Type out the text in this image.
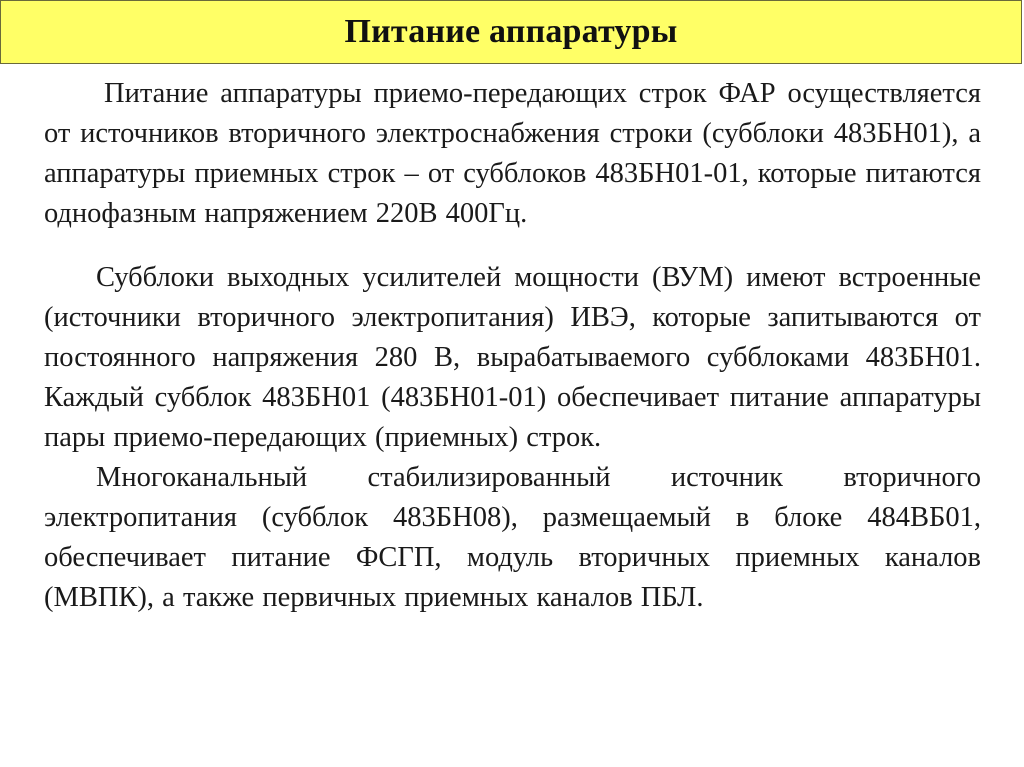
Питание аппаратуры

Питание аппаратуры приемо-передающих строк ФАР осуществляется от источников вторичного электроснабжения строки (субблоки 483БН01), а аппаратуры приемных строк – от субблоков 483БН01-01, которые питаются однофазным напряжением 220В 400Гц.

Субблоки выходных усилителей мощности (ВУМ) имеют встроенные (источники вторичного электропитания) ИВЭ, которые запитываются от постоянного напряжения 280 В, вырабатываемого субблоками 483БН01. Каждый субблок 483БН01 (483БН01-01) обеспечивает питание аппаратуры пары приемо-передающих (приемных) строк.

Многоканальный стабилизированный источник вторичного электропитания (субблок 483БН08), размещаемый в блоке 484ВБ01, обеспечивает питание ФСГП, модуль вторичных приемных каналов (МВПК), а также первичных приемных каналов ПБЛ.
